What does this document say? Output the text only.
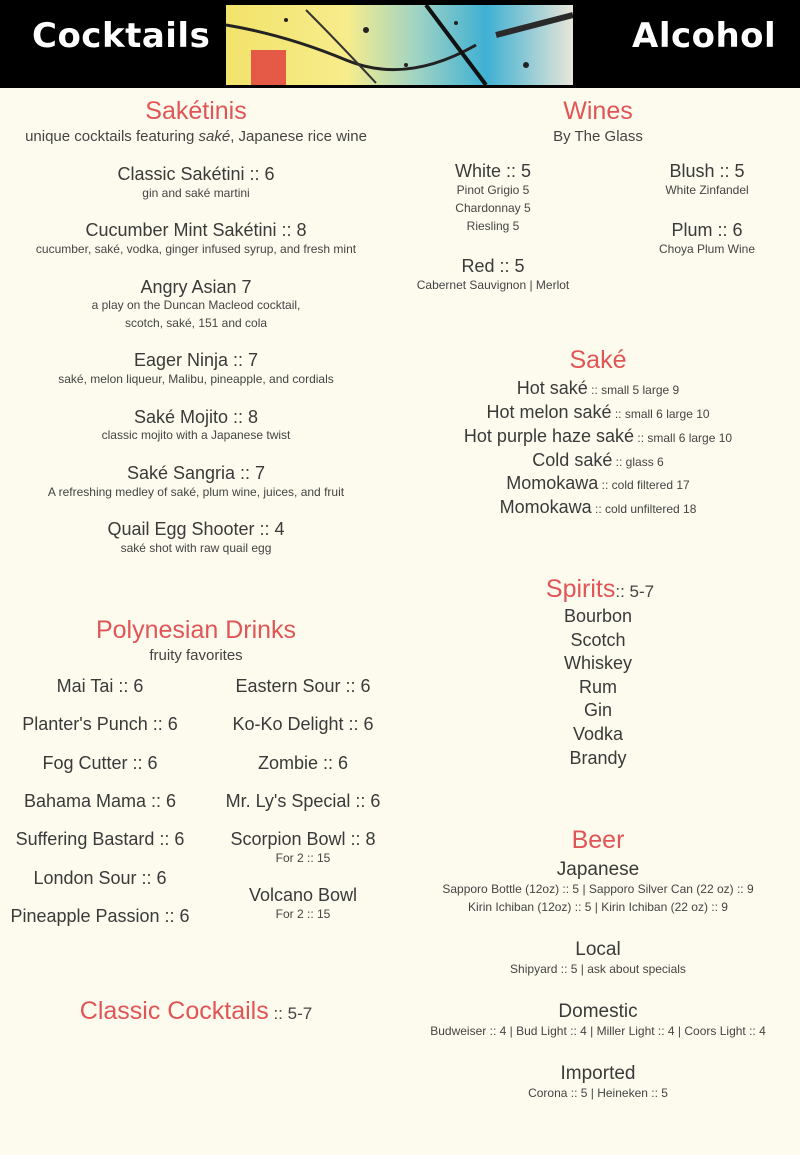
Cocktails	Alcohol
Sakétinis
unique cocktails featuring saké, Japanese rice wine
Classic Sakétini :: 6
gin and saké martini
Cucumber Mint Sakétini :: 8
cucumber, saké, vodka, ginger infused syrup, and fresh mint
Angry Asian 7
a play on the Duncan Macleod cocktail,
scotch, saké, 151 and cola
Eager Ninja :: 7
saké, melon liqueur, Malibu, pineapple, and cordials
Saké Mojito :: 8
classic mojito with a Japanese twist
Saké Sangria :: 7
A refreshing medley of saké, plum wine, juices, and fruit
Quail Egg Shooter :: 4
saké shot with raw quail egg
Polynesian Drinks
fruity favorites
Mai Tai :: 6
Planter's Punch :: 6
Fog Cutter :: 6
Bahama Mama :: 6
Suffering Bastard :: 6
London Sour :: 6
Pineapple Passion :: 6
Eastern Sour :: 6
Ko-Ko Delight :: 6
Zombie :: 6
Mr. Ly's Special :: 6
Scorpion Bowl :: 8
For 2 :: 15
Volcano Bowl
For 2 :: 15
Classic Cocktails :: 5-7
Wines
By The Glass
White :: 5
Pinot Grigio 5
Chardonnay 5
Riesling 5
Blush :: 5
White Zinfandel
Plum :: 6
Choya Plum Wine
Red :: 5
Cabernet Sauvignon | Merlot
Saké
Hot saké :: small 5 large 9
Hot melon saké :: small 6 large 10
Hot purple haze saké :: small 6 large 10
Cold saké :: glass 6
Momokawa :: cold filtered 17
Momokawa :: cold unfiltered 18
Spirits:: 5-7
Bourbon
Scotch
Whiskey
Rum
Gin
Vodka
Brandy
Beer
Japanese
Sapporo Bottle (12oz) :: 5 | Sapporo Silver Can (22 oz) :: 9
Kirin Ichiban (12oz) :: 5 | Kirin Ichiban (22 oz) :: 9
Local
Shipyard :: 5 | ask about specials
Domestic
Budweiser :: 4 | Bud Light :: 4 | Miller Light :: 4 | Coors Light :: 4
Imported
Corona :: 5 | Heineken :: 5
